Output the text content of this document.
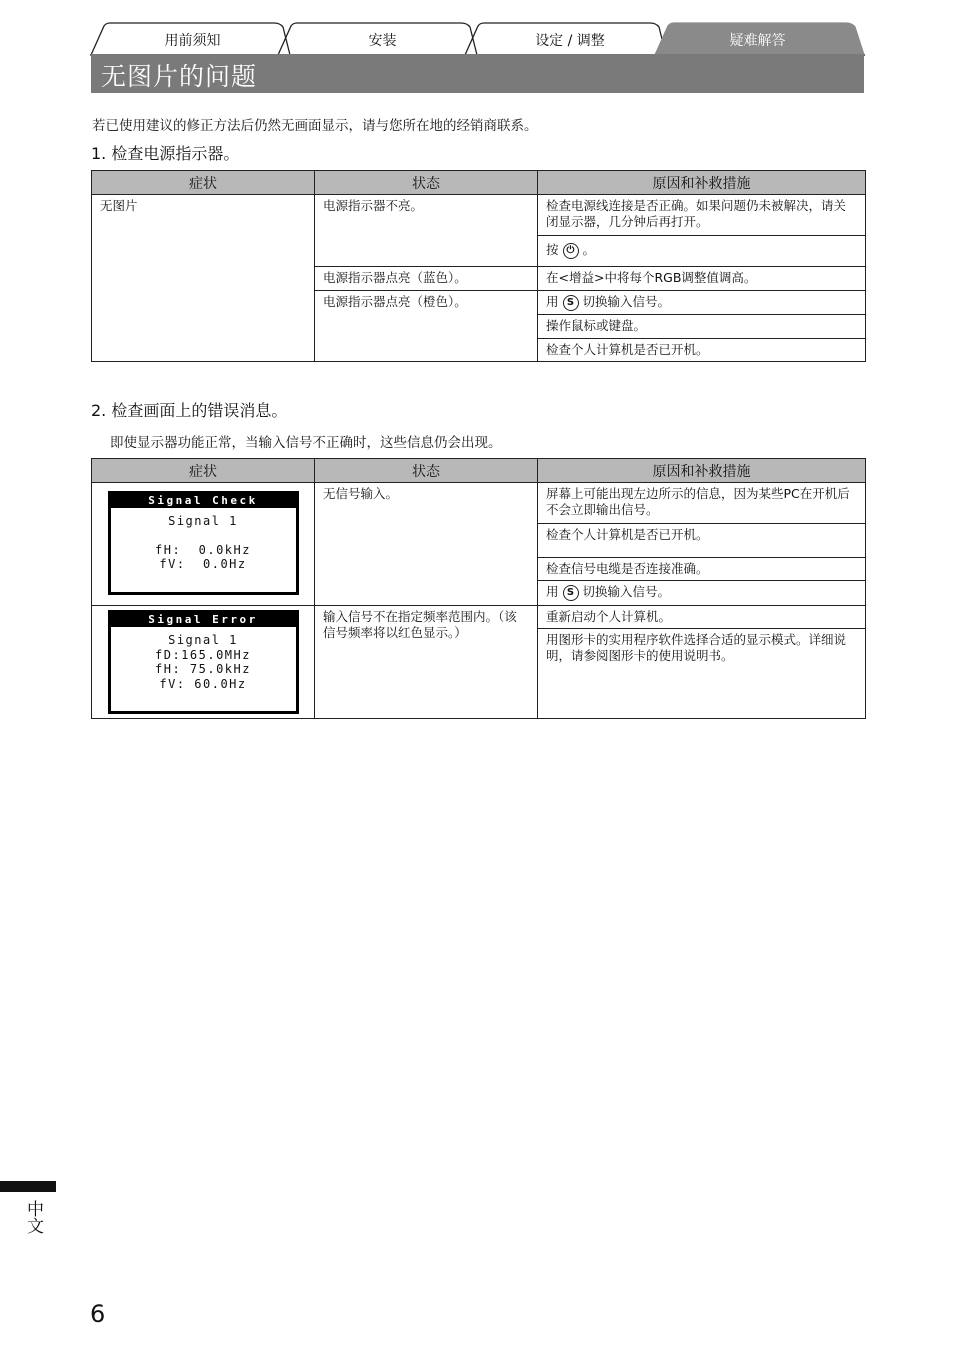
用前须知	安装	设定 / 调整	疑难解答
无图片的问题
若已使用建议的修正方法后仍然无画面显示，请与您所在地的经销商联系。
1. 检查电源指示器。
症状	状态	原因和补救措施
无图片	电源指示器不亮。	检查电源线连接是否正确。如果问题仍未被解决，请关闭显示器，几分钟后再打开。
		按 ⏻ 。
	电源指示器点亮（蓝色）。	在<增益>中将每个RGB调整值调高。
	电源指示器点亮（橙色）。	用 S 切换输入信号。
		操作鼠标或键盘。
		检查个人计算机是否已开机。
2. 检查画面上的错误消息。
即使显示器功能正常，当输入信号不正确时，这些信息仍会出现。
症状	状态	原因和补救措施

Signal Check
Signal 1
fH:  0.0kHz
fV:  0.0Hz	无信号输入。	屏幕上可能出现左边所示的信息，因为某些PC在开机后不会立即输出信号。
		检查个人计算机是否已开机。
		检查信号电缆是否连接准确。
		用 S 切换输入信号。

Signal Error
Signal 1
fD:165.0MHz
fH: 75.0kHz
fV: 60.0Hz	输入信号不在指定频率范围内。（该信号频率将以红色显示。）	重新启动个人计算机。
		用图形卡的实用程序软件选择合适的显示模式。详细说明，请参阅图形卡的使用说明书。
中文
6
